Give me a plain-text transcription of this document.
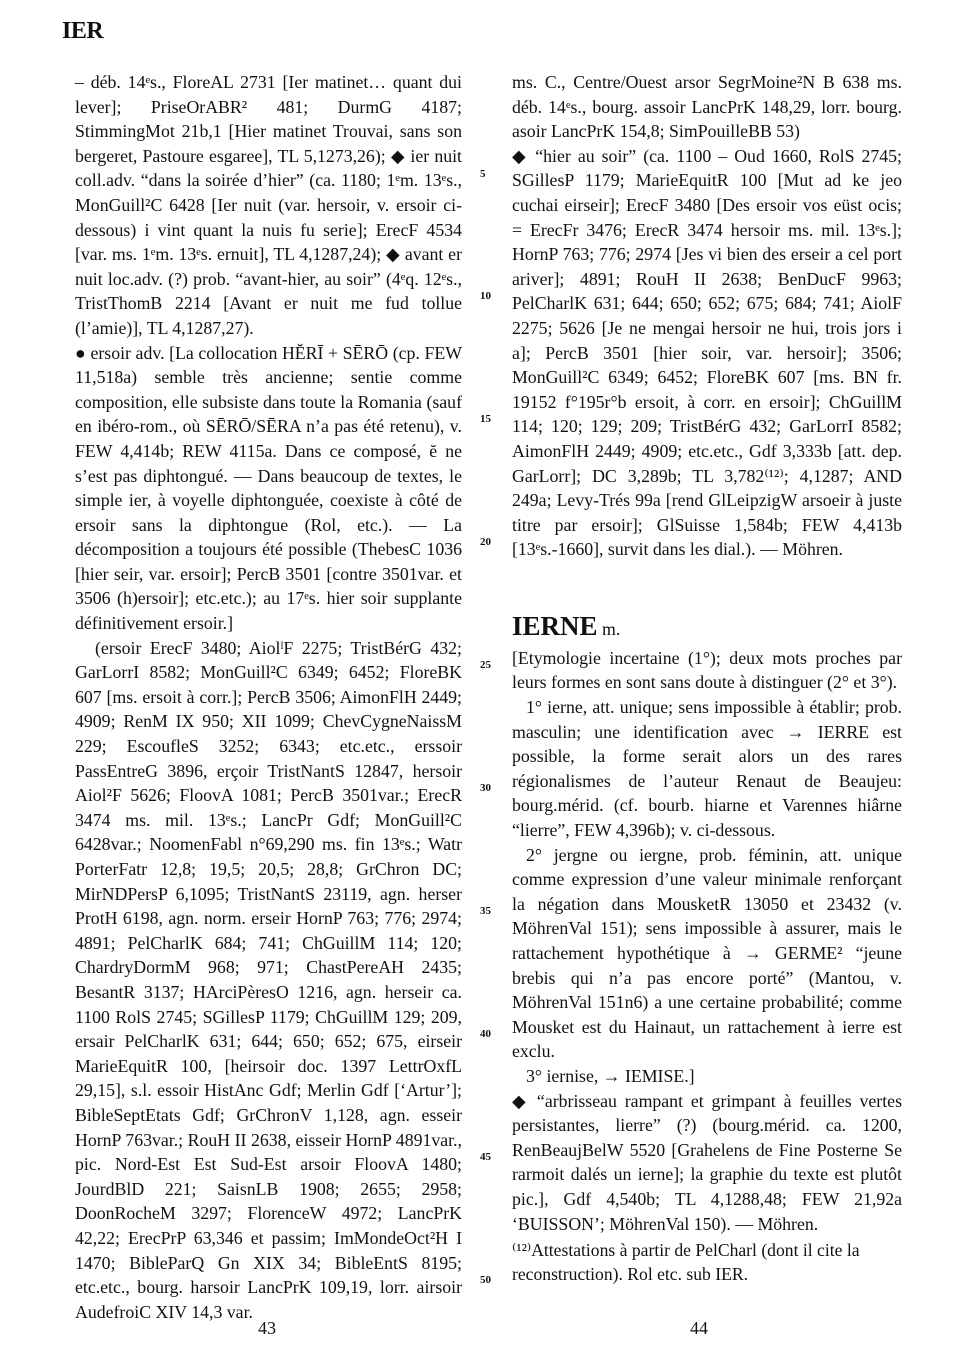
IER

– déb. 14ᵉs., FloreAL 2731 [Ier matinet… quant dui lever]; PriseOrABR² 481; DurmG 4187; StimmingMot 21b,1 [Hier matinet Trouvai, sans son bergeret, Pastoure esgaree], TL 5,1273,26); ◆ ier nuit coll.adv. “dans la soirée d’hier” (ca. 1180; 1ᵉm. 13ᵉs., MonGuill²C 6428 [Ier nuit (var. hersoir, v. ersoir ci-dessous) i vint quant la nuis fu serie]; ErecF 4534 [var. ms. 1ᵉm. 13ᵉs. ernuit], TL 4,1287,24); ◆ avant er nuit loc.adv. (?) prob. “avant-hier, au soir” (4ᵉq. 12ᵉs., TristThomB 2214 [Avant er nuit me fud tollue (l’amie)], TL 4,1287,27).

● ersoir adv. [La collocation HĔRĪ + SĒRŌ (cp. FEW 11,518a) semble très ancienne; sentie comme composition, elle subsiste dans toute la Romania (sauf en ibéro-rom., où SĒRŌ/SĒRA n’a pas été retenu), v. FEW 4,414b; REW 4115a. Dans ce composé, ĕ ne s’est pas diphtongué. — Dans beaucoup de textes, le simple ier, à voyelle diphtonguée, coexiste à côté de ersoir sans la diphtongue (Rol, etc.). — La décomposition a toujours été possible (ThebesC 1036 [hier seir, var. ersoir]; PercB 3501 [contre 3501var. et 3506 (h)ersoir]; etc.etc.); au 17ᵉs. hier soir supplante définitivement ersoir.]

(ersoir ErecF 3480; AiolˡF 2275; TristBérG 432; GarLorrI 8582; MonGuill²C 6349; 6452; FloreBK 607 [ms. ersoit à corr.]; PercB 3506; AimonFlH 2449; 4909; RenM IX 950; XII 1099; ChevCygneNaissM 229; EscoufleS 3252; 6343; etc.etc., erssoir PassEntreG 3896, erçoir TristNantS 12847, hersoir Aiol²F 5626; FloovA 1081; PercB 3501var.; ErecR 3474 ms. mil. 13ᵉs.; LancPr Gdf; MonGuill²C 6428var.; NoomenFabl n°69,290 ms. fin 13ᵉs.; Watr PorterFatr 12,8; 19,5; 20,5; 28,8; GrChron DC; MirNDPersP 6,1095; TristNantS 23119, agn. herser ProtH 6198, agn. norm. erseir HornP 763; 776; 2974; 4891; PelCharlK 684; 741; ChGuillM 114; 120; ChardryDormM 968; 971; ChastPereAH 2435; BesantR 3137; HArciPèresO 1216, agn. herseir ca. 1100 RolS 2745; SGillesP 1179; ChGuillM 129; 209, ersair PelCharlK 631; 644; 650; 652; 675, eirseir MarieEquitR 100, [heirsoir doc. 1397 LettrOxfL 29,15], s.l. essoir HistAnc Gdf; Merlin Gdf [‘Artur’]; BibleSeptEtats Gdf; GrChronV 1,128, agn. esseir HornP 763var.; RouH II 2638, eisseir HornP 4891var., pic. Nord-Est Est Sud-Est arsoir FloovA 1480; JourdBlD 221; SaisnLB 1908; 2655; 2958; DoonRocheM 3297; FlorenceW 4972; LancPrK 42,22; ErecPrP 63,346 et passim; ImMondeOct²H I 1470; BibleParQ Gn XIX 34; BibleEntS 8195; etc.etc., bourg. harsoir LancPrK 109,19, lorr. airsoir AudefroiC XIV 14,3 var.

ms. C., Centre/Ouest arsor SegrMoine²N B 638 ms. déb. 14ᵉs., bourg. assoir LancPrK 148,29, lorr. bourg. asoir LancPrK 154,8; SimPouilleBB 53)

◆ “hier au soir” (ca. 1100 – Oud 1660, RolS 2745; SGillesP 1179; MarieEquitR 100 [Mut ad ke jeo cuchai eirseir]; ErecF 3480 [Des ersoir vos eüst ocis; = ErecFr 3476; ErecR 3474 hersoir ms. mil. 13ᵉs.]; HornP 763; 776; 2974 [Jes vi bien des erseir a cel port ariver]; 4891; RouH II 2638; BenDucF 9963; PelCharlK 631; 644; 650; 652; 675; 684; 741; AiolF 2275; 5626 [Je ne mengai hersoir ne hui, trois jors i a]; PercB 3501 [hier soir, var. hersoir]; 3506; MonGuill²C 6349; 6452; FloreBK 607 [ms. BN fr. 19152 f°195r°b ersoit, à corr. en ersoir]; ChGuillM 114; 120; 129; 209; TristBérG 432; GarLorrI 8582; AimonFlH 2449; 4909; etc.etc., Gdf 3,333b [att. dep. GarLorr]; DC 3,289b; TL 3,782⁽¹²⁾; 4,1287; AND 249a; Levy-Trés 99a [rend GlLeipzigW arsoeir à juste titre par ersoir]; GlSuisse 1,584b; FEW 4,413b [13ᵉs.-1660], survit dans les dial.). — Möhren.

IERNE m.

[Etymologie incertaine (1°); deux mots proches par leurs formes en sont sans doute à distinguer (2° et 3°).

1° ierne, att. unique; sens impossible à établir; prob. masculin; une identification avec → IERRE est possible, la forme serait alors un des rares régionalismes de l’auteur Renaut de Beaujeu: bourg.mérid. (cf. bourb. hiarne et Varennes hiârne “lierre”, FEW 4,396b); v. ci-dessous.

2° jergne ou iergne, prob. féminin, att. unique comme expression d’une valeur minimale renforçant la négation dans MousketR 13050 et 23432 (v. MöhrenVal 151); sens impossible à assurer, mais le rattachement hypothétique à → GERME² “jeune brebis qui n’a pas encore porté” (Mantou, v. MöhrenVal 151n6) a une certaine probabilité; comme Mousket est du Hainaut, un rattachement à ierre est exclu.

3° iernise, → IEMISE.]

◆ “arbrisseau rampant et grimpant à feuilles vertes persistantes, lierre” (?) (bourg.mérid. ca. 1200, RenBeaujBelW 5520 [Grahelens de Fine Posterne Se rarmoit dalés un ierne]; la graphie du texte est plutôt pic.], Gdf 4,540b; TL 4,1288,48; FEW 21,92a ‘BUISSON’; MöhrenVal 150). — Möhren.

5
10
15
20
25
30
35
40
45
50
⁽¹²⁾Attestations à partir de PelCharl (dont il cite la reconstruction). Rol etc. sub IER.
43	44
